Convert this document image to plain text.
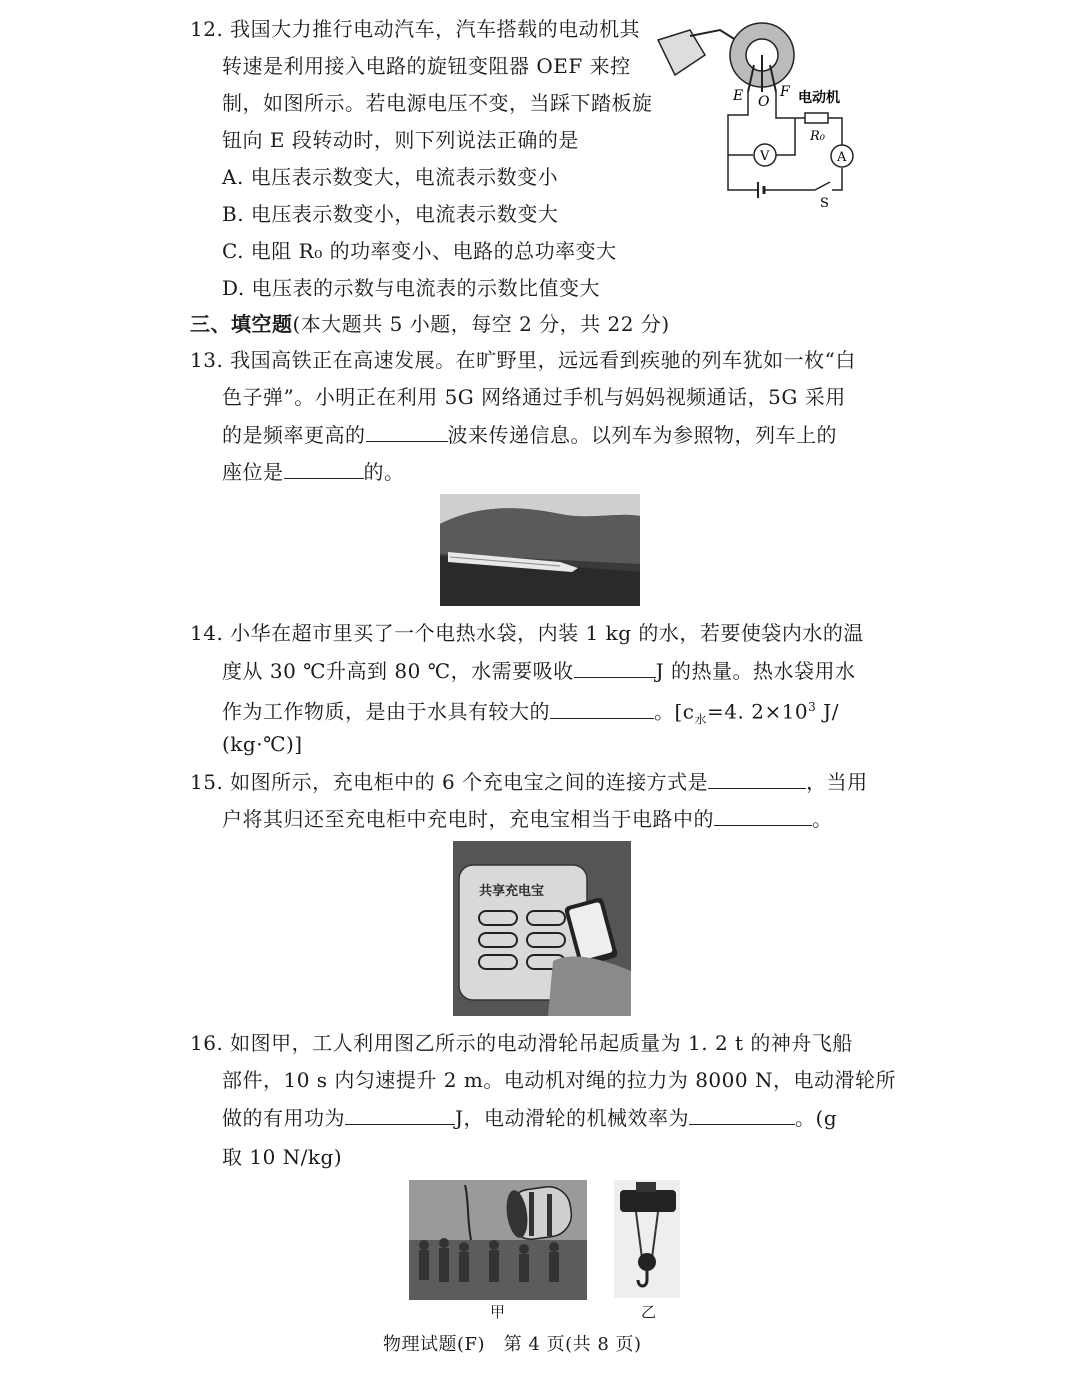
12. 我国大力推行电动汽车，汽车搭载的电动机其
转速是利用接入电路的旋钮变阻器 OEF 来控
制，如图所示。若电源电压不变，当踩下踏板旋
钮向 E 段转动时，则下列说法正确的是
A. 电压表示数变大，电流表示数变小
B. 电压表示数变小，电流表示数变大
C. 电阻 R₀ 的功率变小、电路的总功率变大
D. 电压表的示数与电流表的示数比值变大
E O
F 电动机
A
R₀
V
S
三、填空题(本大题共 5 小题，每空 2 分，共 22 分)
13. 我国高铁正在高速发展。在旷野里，远远看到疾驰的列车犹如一枚“白
色子弹”。小明正在利用 5G 网络通过手机与妈妈视频通话，5G 采用
的是频率更高的	波来传递信息。以列车为参照物，列车上的
座位是	的。
14. 小华在超市里买了一个电热水袋，内装 1 kg 的水，若要使袋内水的温
度从 30 ℃升高到 80 ℃，水需要吸收	J 的热量。热水袋用水
作为工作物质，是由于水具有较大的	。[$c_水=4$. $2\times 10^3$ J/
(kg·℃)]
15. 如图所示，充电柜中的 6 个充电宝之间的连接方式是	，当用
户将其归还至充电柜中充电时，充电宝相当于电路中的	。
共享充电宝
16. 如图甲，工人利用图乙所示的电动滑轮吊起质量为 1. 2 t 的神舟飞船
部件，10 s 内匀速提升 2 m。电动机对绳的拉力为 8000 N，电动滑轮所
做的有用功为	J，电动滑轮的机械效率为	。(g
取 10 N/kg)
甲	乙
物理试题(F)   第 4 页(共 8 页)
